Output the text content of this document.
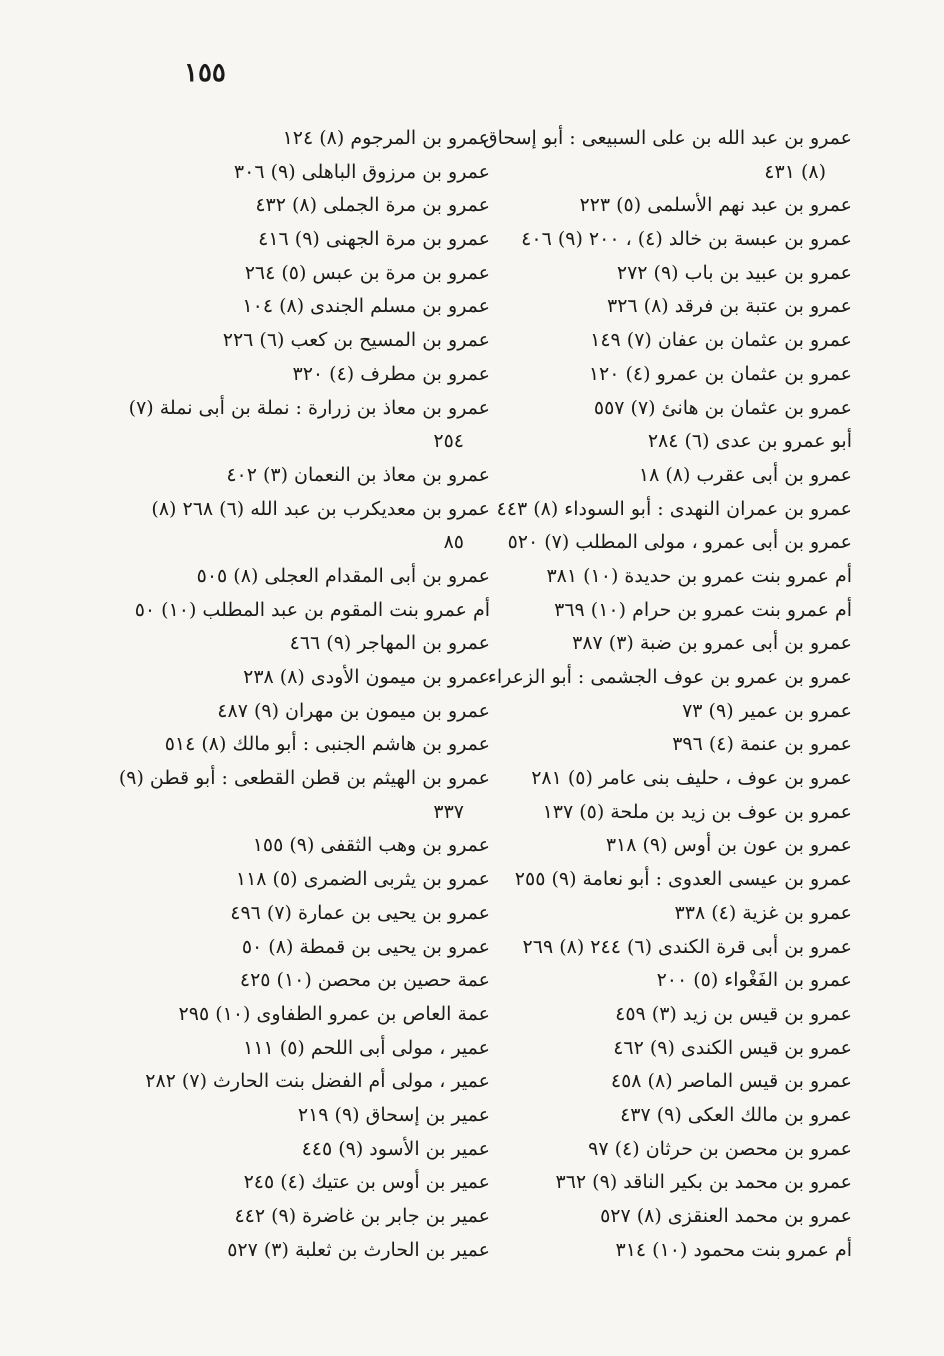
١٥٥
عمرو بن عبد الله بن على السبيعى : أبو إسحاق
(٨) ٤٣١
عمرو بن عبد نهم الأسلمى (٥) ٢٢٣
عمرو بن عبسة بن خالد (٤) ، ٢٠٠ (٩) ٤٠٦
عمرو بن عبيد بن باب (٩) ٢٧٢
عمرو بن عتبة بن فرقد (٨) ٣٢٦
عمرو بن عثمان بن عفان (٧) ١٤٩
عمرو بن عثمان بن عمرو (٤) ١٢٠
عمرو بن عثمان بن هانئ (٧) ٥٥٧
أبو عمرو بن عدى (٦) ٢٨٤
عمرو بن أبى عقرب (٨) ١٨
عمرو بن عمران النهدى : أبو السوداء (٨) ٤٤٣
عمرو بن أبى عمرو ، مولى المطلب (٧) ٥٢٠
أم عمرو بنت عمرو بن حديدة (١٠) ٣٨١
أم عمرو بنت عمرو بن حرام (١٠) ٣٦٩
عمرو بن أبى عمرو بن ضبة (٣) ٣٨٧
عمرو بن عمرو بن عوف الجشمى : أبو الزعراء
عمرو بن عمير (٩) ٧٣
عمرو بن عنمة (٤) ٣٩٦
عمرو بن عوف ، حليف بنى عامر (٥) ٢٨١
عمرو بن عوف بن زيد بن ملحة (٥) ١٣٧
عمرو بن عون بن أوس (٩) ٣١٨
عمرو بن عيسى العدوى : أبو نعامة (٩) ٢٥٥
عمرو بن غزية (٤) ٣٣٨
عمرو بن أبى قرة الكندى (٦) ٢٤٤ (٨) ٢٦٩
عمرو بن الفَغْواء (٥) ٢٠٠
عمرو بن قيس بن زيد (٣) ٤٥٩
عمرو بن قيس الكندى (٩) ٤٦٢
عمرو بن قيس الماصر (٨) ٤٥٨
عمرو بن مالك العكى (٩) ٤٣٧
عمرو بن محصن بن حرثان (٤) ٩٧
عمرو بن محمد بن بكير الناقد (٩) ٣٦٢
عمرو بن محمد العنقزى (٨) ٥٢٧
أم عمرو بنت محمود (١٠) ٣١٤
عمرو بن المرجوم (٨) ١٢٤
عمرو بن مرزوق الباهلى (٩) ٣٠٦
عمرو بن مرة الجملى (٨) ٤٣٢
عمرو بن مرة الجهنى (٩) ٤١٦
عمرو بن مرة بن عبس (٥) ٢٦٤
عمرو بن مسلم الجندى (٨) ١٠٤
عمرو بن المسيح بن كعب (٦) ٢٢٦
عمرو بن مطرف (٤) ٣٢٠
عمرو بن معاذ بن زرارة : نملة بن أبى نملة (٧)
٢٥٤
عمرو بن معاذ بن النعمان (٣) ٤٠٢
عمرو بن معديكرب بن عبد الله (٦) ٢٦٨ (٨)
٨٥
عمرو بن أبى المقدام العجلى (٨) ٥٠٥
أم عمرو بنت المقوم بن عبد المطلب (١٠) ٥٠
عمرو بن المهاجر (٩) ٤٦٦
عمرو بن ميمون الأودى (٨) ٢٣٨
عمرو بن ميمون بن مهران (٩) ٤٨٧
عمرو بن هاشم الجنبى : أبو مالك (٨) ٥١٤
عمرو بن الهيثم بن قطن القطعى : أبو قطن (٩)
٣٣٧
عمرو بن وهب الثقفى (٩) ١٥٥
عمرو بن يثربى الضمرى (٥) ١١٨
عمرو بن يحيى بن عمارة (٧) ٤٩٦
عمرو بن يحيى بن قمطة (٨) ٥٠
عمة حصين بن محصن (١٠) ٤٢٥
عمة العاص بن عمرو الطفاوى (١٠) ٢٩٥
عمير ، مولى أبى اللحم (٥) ١١١
عمير ، مولى أم الفضل بنت الحارث (٧) ٢٨٢
عمير بن إسحاق (٩) ٢١٩
عمير بن الأسود (٩) ٤٤٥
عمير بن أوس بن عتيك (٤) ٢٤٥
عمير بن جابر بن غاضرة (٩) ٤٤٢
عمير بن الحارث بن ثعلبة (٣) ٥٢٧
